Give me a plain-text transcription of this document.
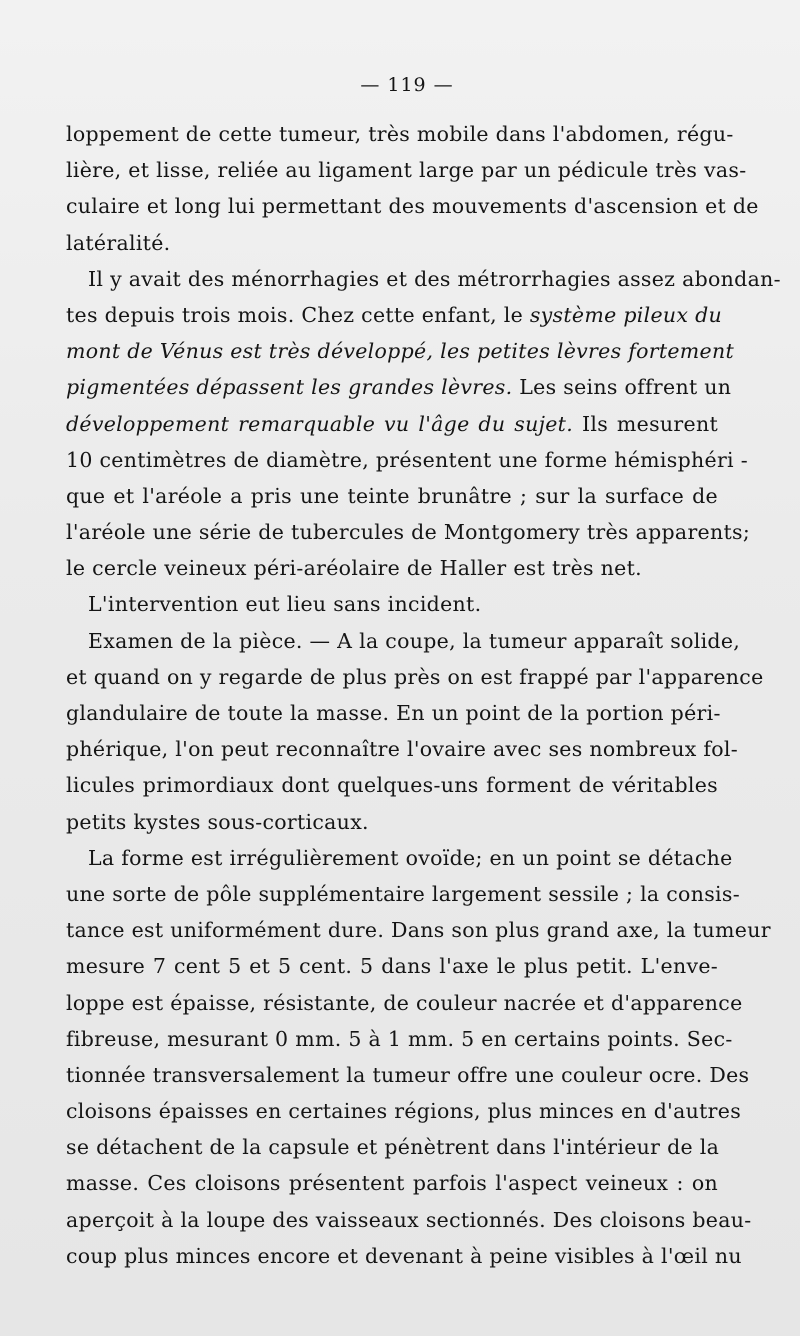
— 119 —
loppement de cette tumeur, très mobile dans l'abdomen, régu-
lière, et lisse, reliée au ligament large par un pédicule très vas-
culaire et long lui permettant des mouvements d'ascension et de
latéralité.
Il y avait des ménorrhagies et des métrorrhagies assez abondan-
tes depuis trois mois. Chez cette enfant, le système pileux du
mont de Vénus est très développé, les petites lèvres fortement
pigmentées dépassent les grandes lèvres. Les seins offrent un
développement remarquable vu l'âge du sujet. Ils mesurent
10 centimètres de diamètre, présentent une forme hémisphéri -
que et l'aréole a pris une teinte brunâtre ; sur la surface de
l'aréole une série de tubercules de Montgomery très apparents;
le cercle veineux péri-aréolaire de Haller est très net.
L'intervention eut lieu sans incident.
Examen de la pièce. — A la coupe, la tumeur apparaît solide,
et quand on y regarde de plus près on est frappé par l'apparence
glandulaire de toute la masse. En un point de la portion péri-
phérique, l'on peut reconnaître l'ovaire avec ses nombreux fol-
licules primordiaux dont quelques-uns forment de véritables
petits kystes sous-corticaux.
La forme est irrégulièrement ovoïde; en un point se détache
une sorte de pôle supplémentaire largement sessile ; la consis-
tance est uniformément dure. Dans son plus grand axe, la tumeur
mesure 7 cent 5 et 5 cent. 5 dans l'axe le plus petit. L'enve-
loppe est épaisse, résistante, de couleur nacrée et d'apparence
fibreuse, mesurant 0 mm. 5 à 1 mm. 5 en certains points. Sec-
tionnée transversalement la tumeur offre une couleur ocre. Des
cloisons épaisses en certaines régions, plus minces en d'autres
se détachent de la capsule et pénètrent dans l'intérieur de la
masse. Ces cloisons présentent parfois l'aspect veineux : on
aperçoit à la loupe des vaisseaux sectionnés. Des cloisons beau-
coup plus minces encore et devenant à peine visibles à l'œil nu
